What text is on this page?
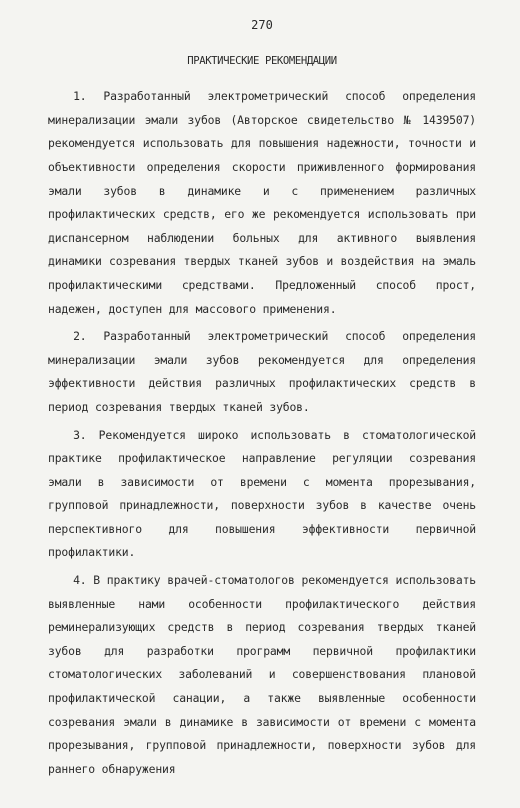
270
ПРАКТИЧЕСКИЕ РЕКОМЕНДАЦИИ

1. Разработанный электрометрический способ определения минерализации эмали зубов (Авторское свидетельство № 1439507) рекомендуется использовать для повышения надежности, точности и объективности определения скорости приживленного формирования эмали зубов в динамике и с применением различных профилактических средств, его же рекомендуется использовать при диспансерном наблюдении больных для активного выявления динамики созревания твердых тканей зубов и воздействия на эмаль профилактическими средствами. Предложенный способ прост, надежен, доступен для массового применения.

2. Разработанный электрометрический способ определения минерализации эмали зубов рекомендуется для определения эффективности действия различных профилактических средств в период созревания твердых тканей зубов.

3. Рекомендуется широко использовать в стоматологической практике профилактическое направление регуляции созревания эмали в зависимости от времени с момента прорезывания, групповой принадлежности, поверхности зубов в качестве очень перспективного для повышения эффективности первичной профилактики.

4. В практику врачей-стоматологов рекомендуется использовать выявленные нами особенности профилактического действия реминерализующих средств в период созревания твердых тканей зубов для разработки программ первичной профилактики стоматологических заболеваний и совершенствования плановой профилактической санации, а также выявленные особенности созревания эмали в динамике в зависимости от времени с момента прорезывания, групповой принадлежности, поверхности зубов для раннего обнаружения
